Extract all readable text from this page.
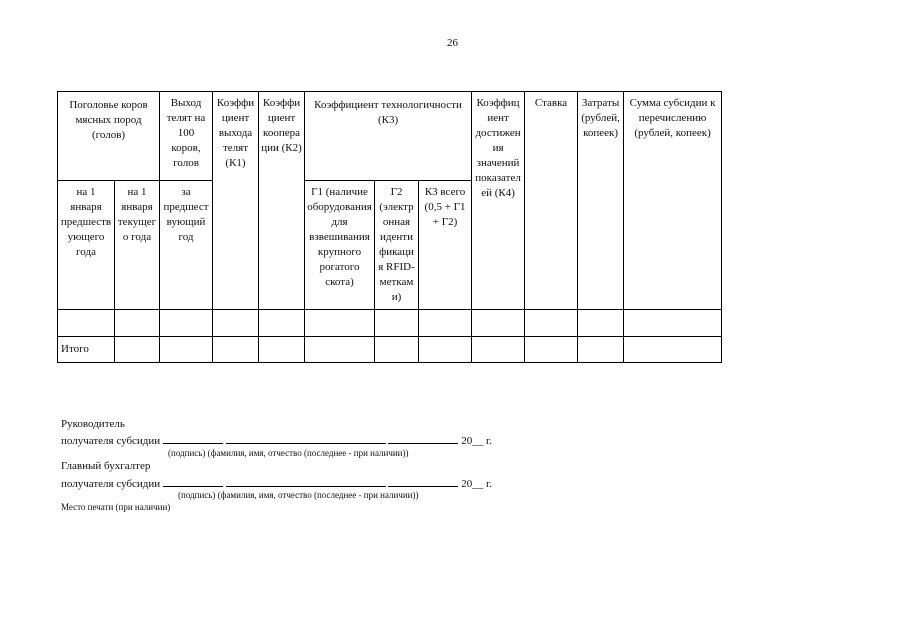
26
Поголовье коров мясных пород (голов)		Выход телят на 100 коров, голов	Коэффициент выхода телят (К1)	Коэффициент кооперации (К2)	Коэффициент технологичности (К3)			Коэффициент достижения значений показателей (К4)	Ставка	Затраты (рублей, копеек)	Сумма субсидии к перечислению (рублей, копеек)
на 1 января предшествующего года	на 1 января текущего года	за предшествующий год									
					Г1 (наличие оборудования для взвешивания крупного рогатого скота)	Г2 (электронная идентификация RFID-метками)	К3 всего (0,5 + Г1 + Г2)				

Итого											
Руководитель
получателя субсидии	20__ г.
(подпись) (фамилия, имя, отчество (последнее - при наличии))
Главный бухгалтер
получателя субсидии	20__ г.
(подпись) (фамилия, имя, отчество (последнее - при наличии))
Место печати (при наличии)
